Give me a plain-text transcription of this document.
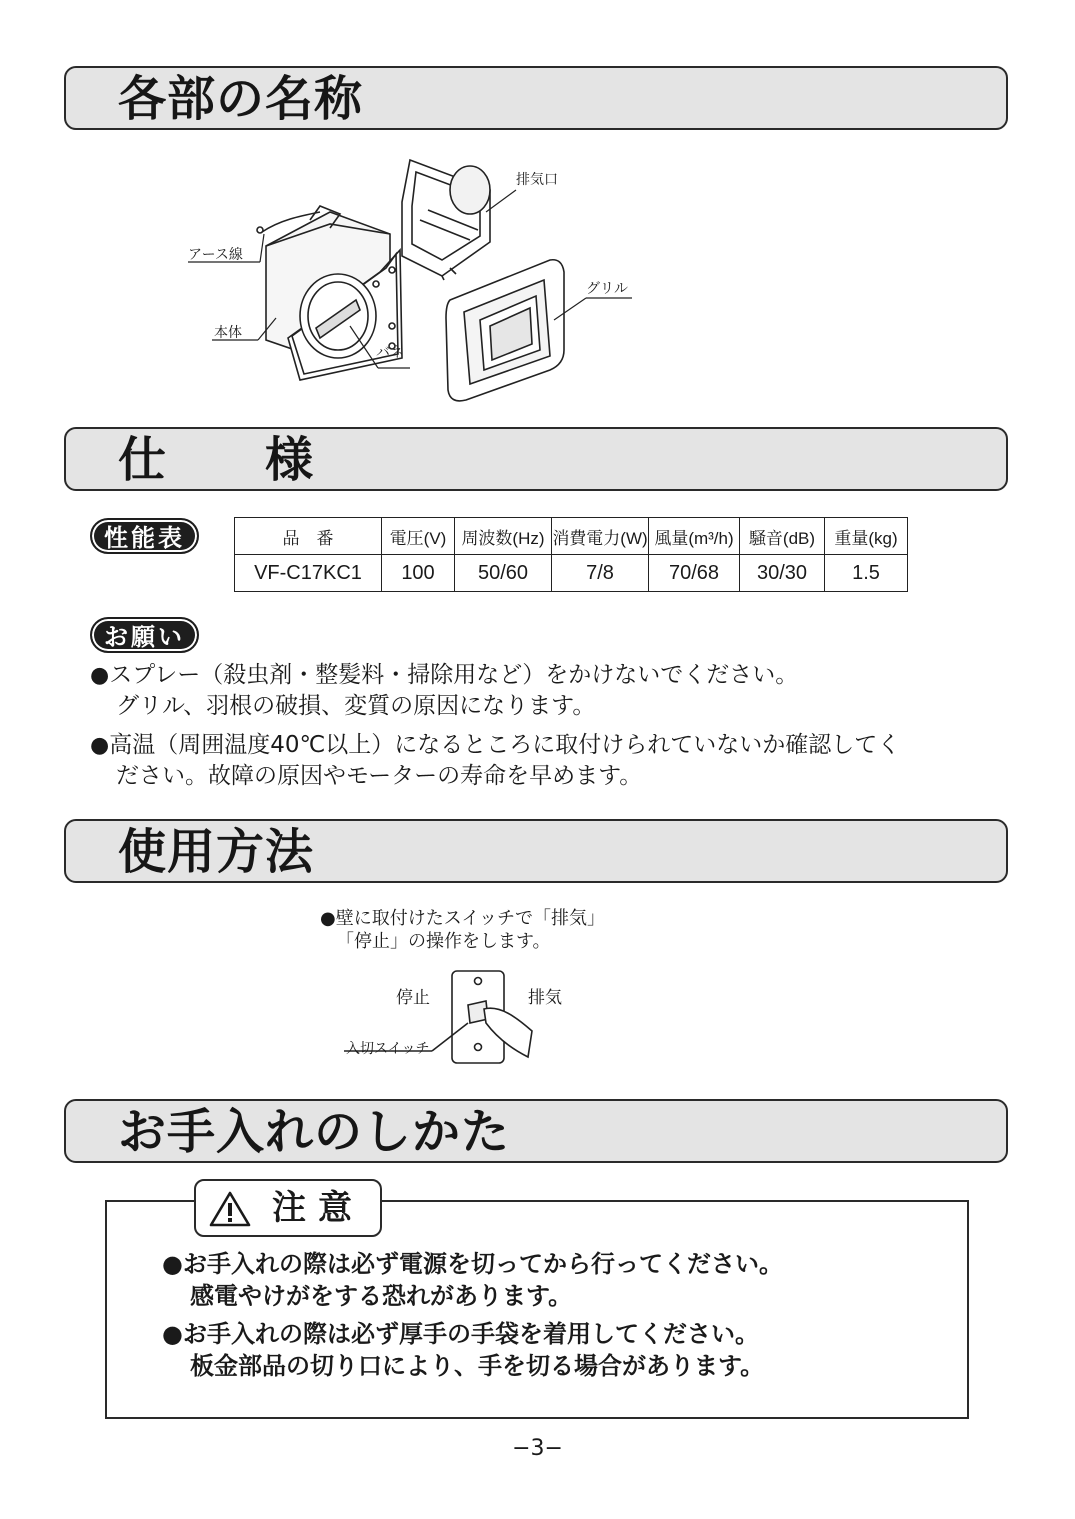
各部の名称
排気口
アース線
グリル
本体
バネ
仕　　様
性能表	品　番	電圧(V)	周波数(Hz)	消費電力(W)	風量(m³/h)	騒音(dB)	重量(kg)
VF-C17KC1	100	50/60	7/8	70/68	30/30	1.5
お願い

●スプレー（殺虫剤・整髪料・掃除用など）をかけないでください。
グリル、羽根の破損、変質の原因になります。

●高温（周囲温度40℃以上）になるところに取付けられていないか確認してく
ださい。故障の原因やモーターの寿命を早めます。

使用方法
●壁に取付けたスイッチで「排気」
「停止」の操作をします。
停止	排気
入切スイッチ
お手入れのしかた
注意

●お手入れの際は必ず電源を切ってから行ってください。
感電やけがをする恐れがあります。

●お手入れの際は必ず厚手の手袋を着用してください。
板金部品の切り口により、手を切る場合があります。

−3−
